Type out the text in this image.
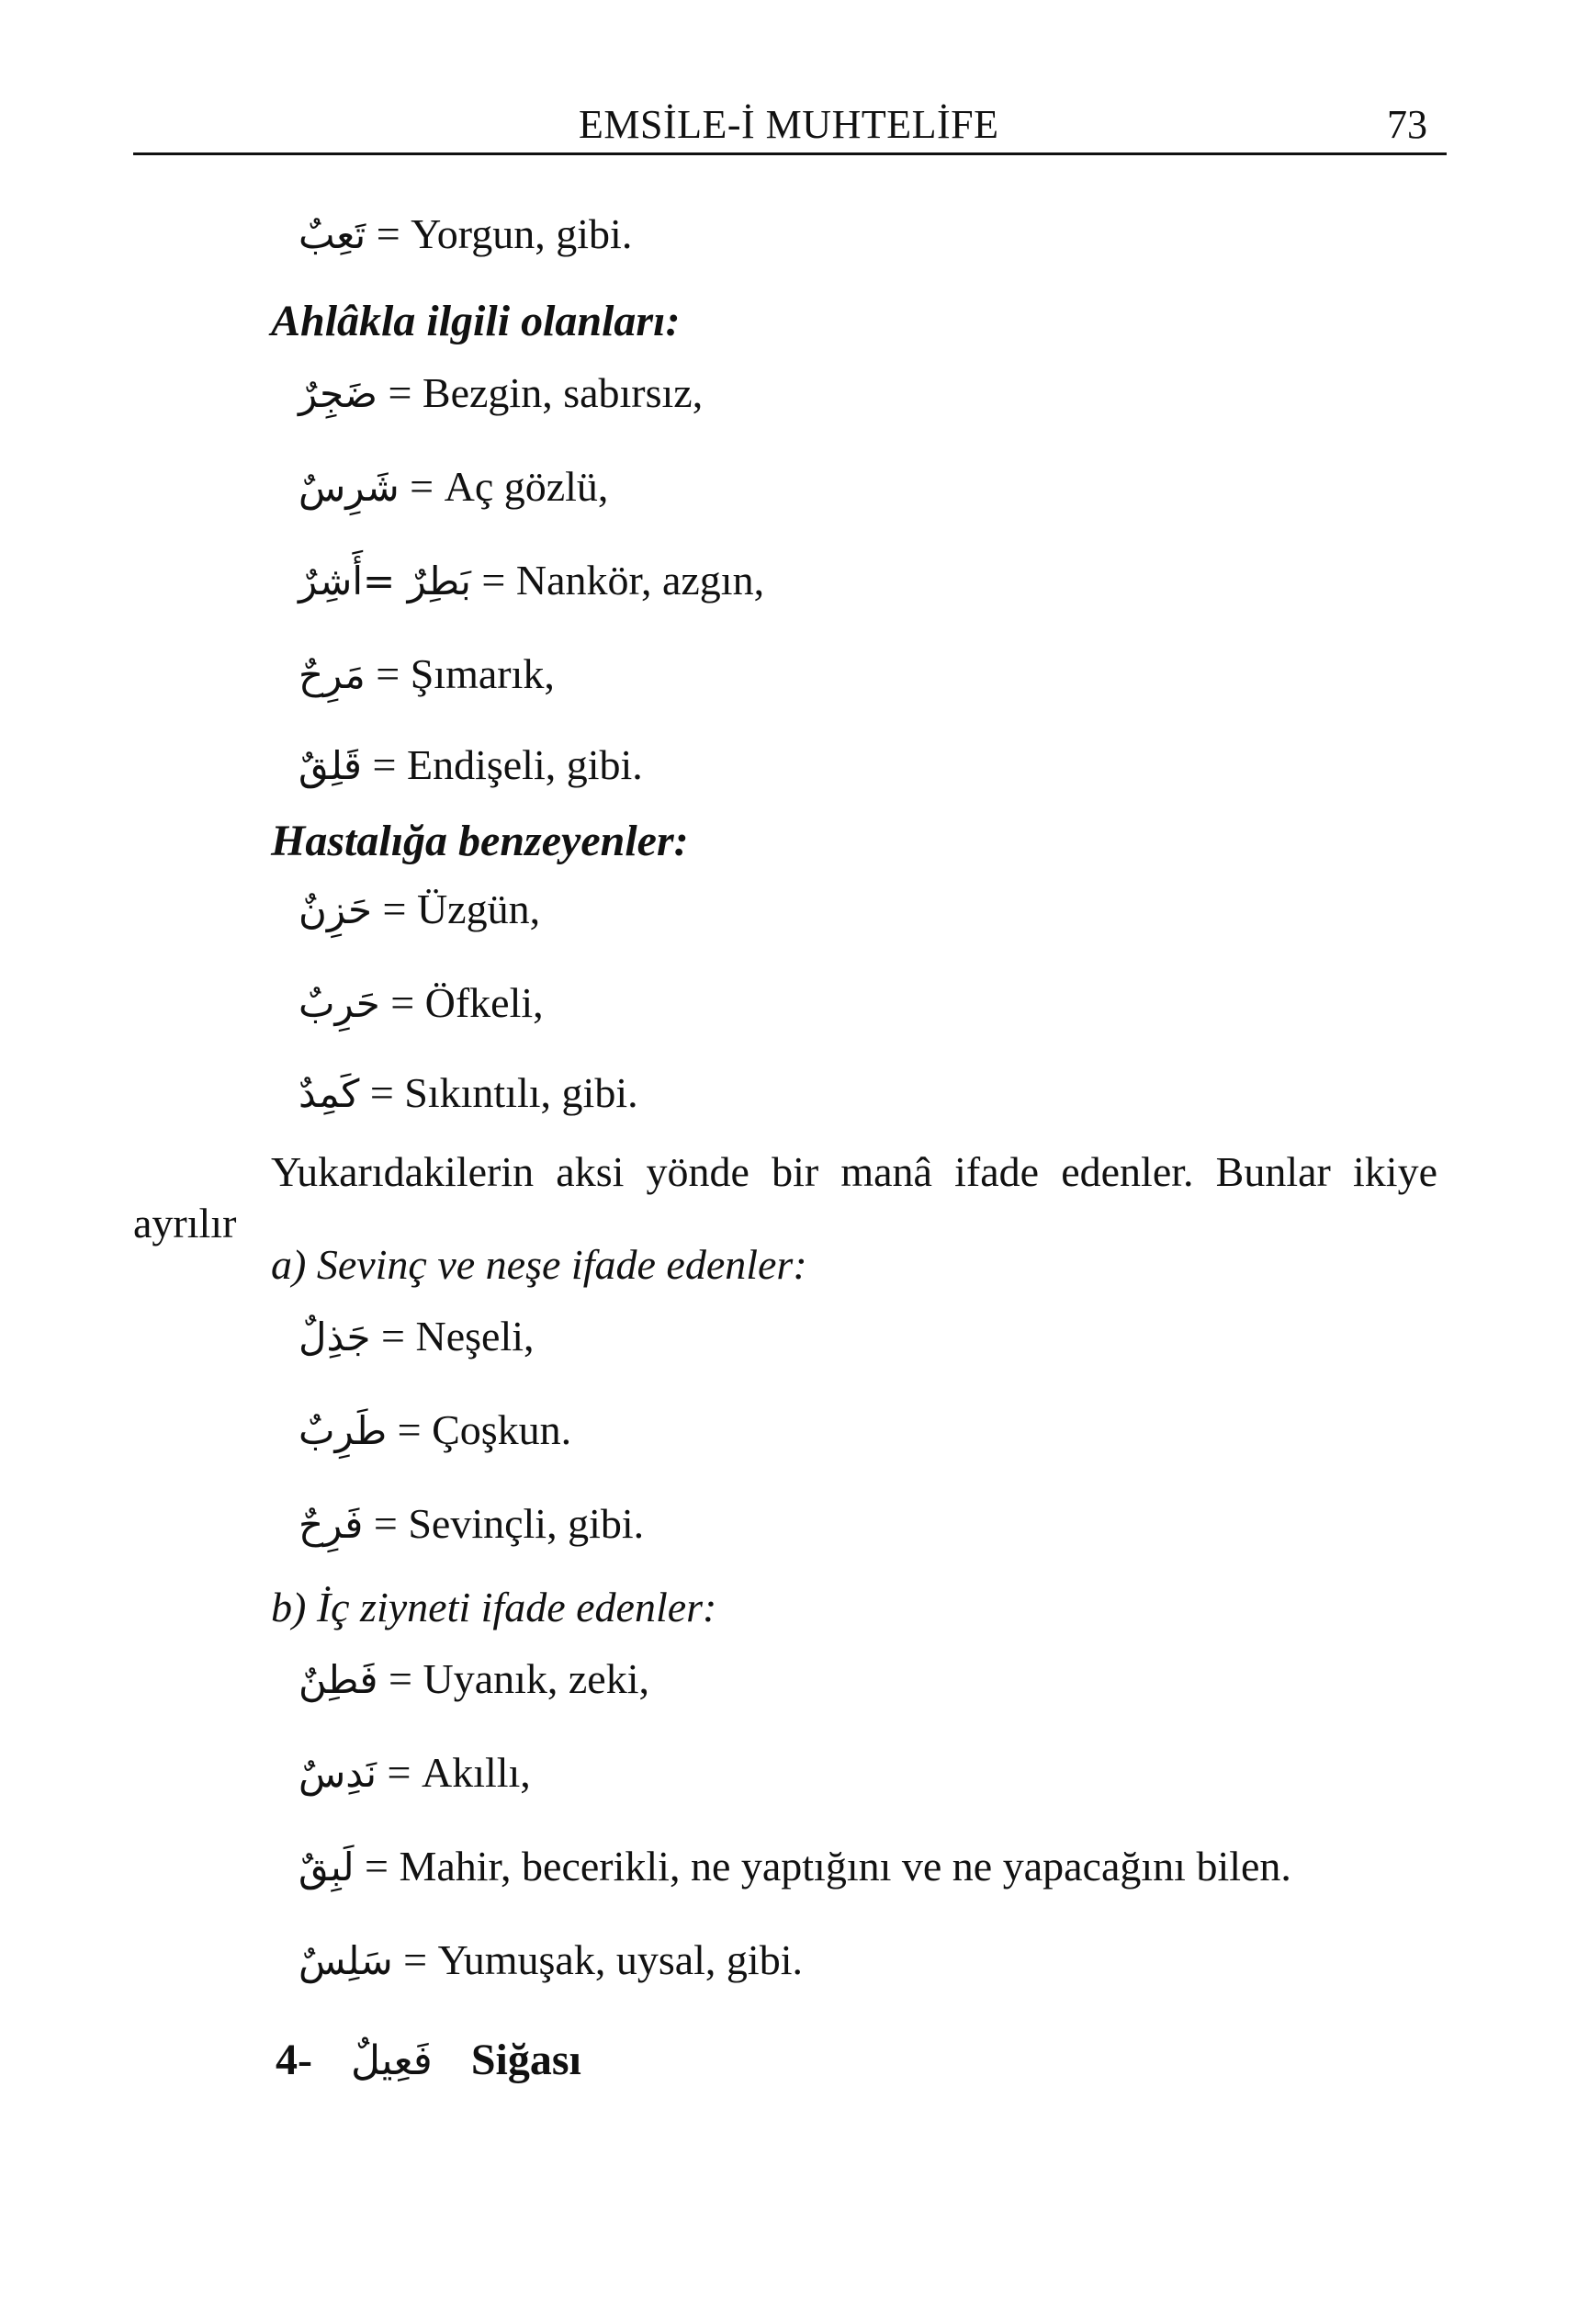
EMSİLE-İ MUHTELİFE	73
تَعِبٌ = Yorgun, gibi.
Ahlâkla ilgili olanları:
ضَجِرٌ = Bezgin, sabırsız,
شَرِسٌ = Aç gözlü,
بَطِرٌ =أَشِرٌ = Nankör, azgın,
مَرِحٌ = Şımarık,
قَلِقٌ = Endişeli, gibi.
Hastalığa benzeyenler:
حَزِنٌ = Üzgün,
حَرِبٌ = Öfkeli,
كَمِدٌ = Sıkıntılı, gibi.
Yukarıdakilerin aksi yönde bir manâ ifade edenler. Bunlar ikiye ayrılır
a) Sevinç ve neşe ifade edenler:
جَذِلٌ = Neşeli,
طَرِبٌ = Çoşkun.
فَرِحٌ = Sevinçli, gibi.
b) İç ziyneti ifade edenler:
فَطِنٌ = Uyanık, zeki,
نَدِسٌ = Akıllı,
لَبِقٌ = Mahir, becerikli, ne yaptığını ve ne yapacağını bilen.
سَلِسٌ = Yumuşak, uysal, gibi.
4- فَعِيلٌ Siğası
